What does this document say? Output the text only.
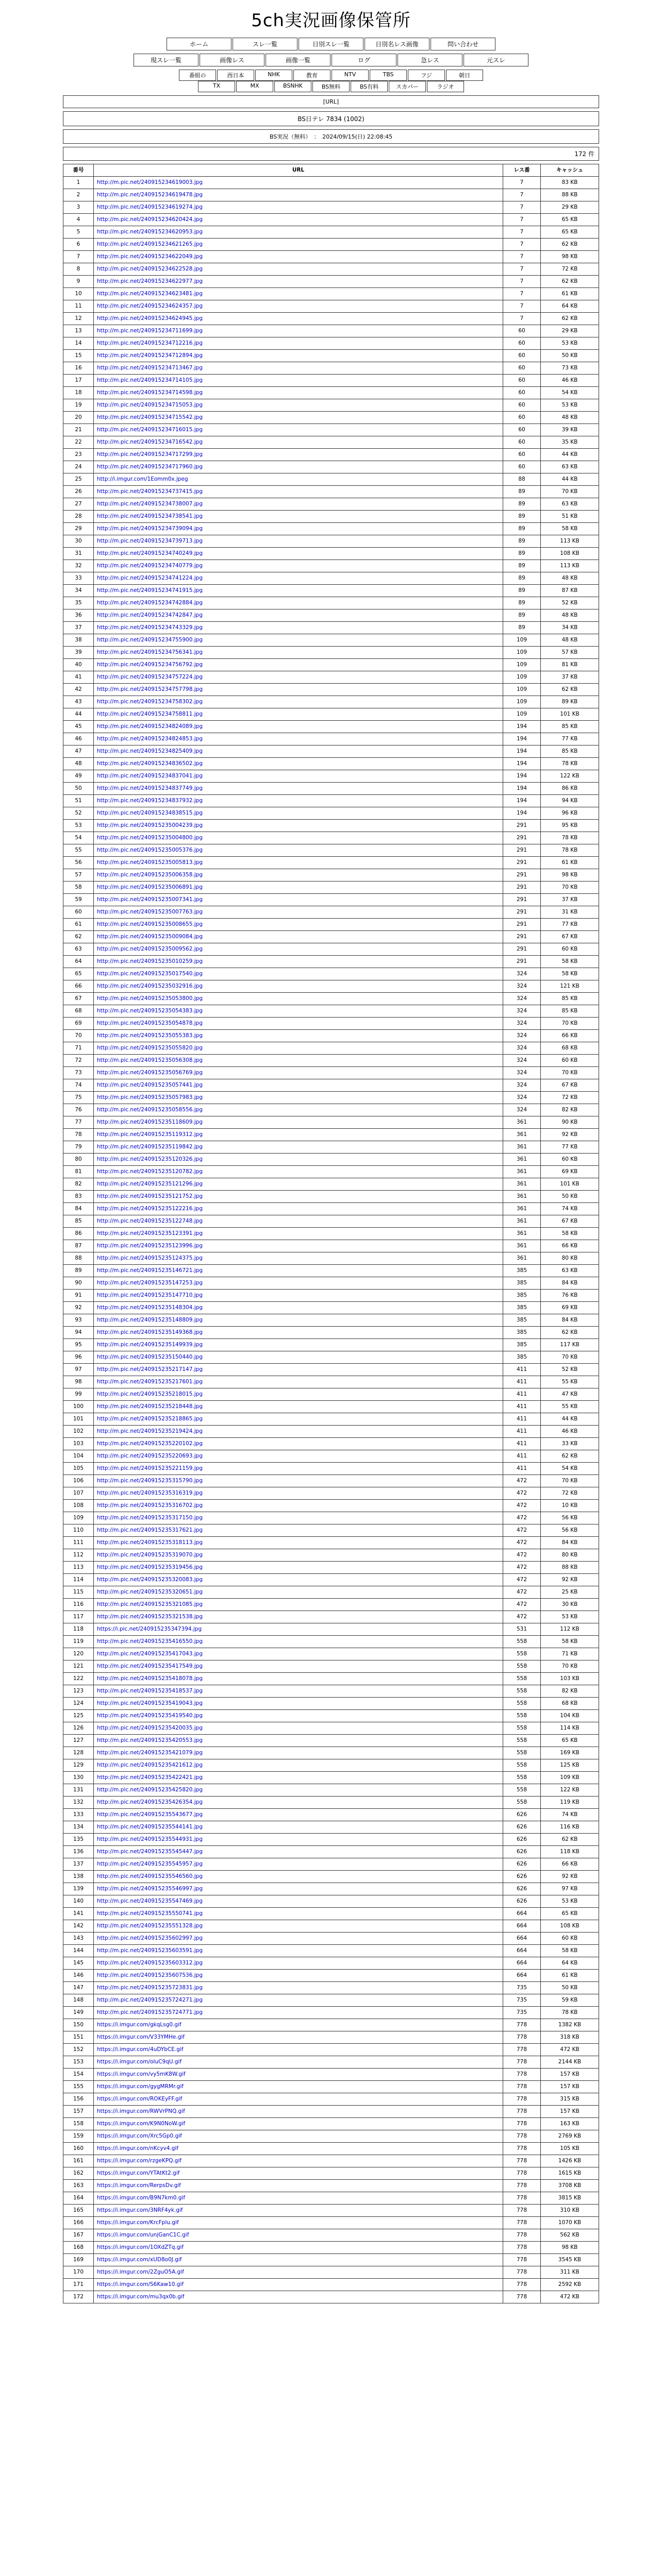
5ch実況画像保管所
ホーム	スレ一覧	日別スレ一覧	日別名レス画像	問い合わせ
現スレ一覧	画像レス	画像一覧	ログ	急レス	元スレ
番組の	西日本	NHK	教育	NTV	TBS	フジ	朝日
TX	MX	BSNHK	BS無料	BS有料	スカパー	ラジオ
[URL]
BS日テレ 7834 (1002)
BS実況（無料）　：　2024/09/15(日) 22:08:45
172 件
番号	URL	レス番	キャッシュ
1	http://m.pic.net/240915234619003.jpg	7	83 KB
2	http://m.pic.net/240915234619478.jpg	7	88 KB
3	http://m.pic.net/240915234619274.jpg	7	29 KB
4	http://m.pic.net/240915234620424.jpg	7	65 KB
5	http://m.pic.net/240915234620953.jpg	7	65 KB
6	http://m.pic.net/240915234621265.jpg	7	62 KB
7	http://m.pic.net/240915234622049.jpg	7	98 KB
8	http://m.pic.net/240915234622528.jpg	7	72 KB
9	http://m.pic.net/240915234622977.jpg	7	62 KB
10	http://m.pic.net/240915234623481.jpg	7	61 KB
11	http://m.pic.net/240915234624357.jpg	7	64 KB
12	http://m.pic.net/240915234624945.jpg	7	62 KB
13	http://m.pic.net/240915234711699.jpg	60	29 KB
14	http://m.pic.net/240915234712216.jpg	60	53 KB
15	http://m.pic.net/240915234712894.jpg	60	50 KB
16	http://m.pic.net/240915234713467.jpg	60	73 KB
17	http://m.pic.net/240915234714105.jpg	60	46 KB
18	http://m.pic.net/240915234714598.jpg	60	54 KB
19	http://m.pic.net/240915234715053.jpg	60	53 KB
20	http://m.pic.net/240915234715542.jpg	60	48 KB
21	http://m.pic.net/240915234716015.jpg	60	39 KB
22	http://m.pic.net/240915234716542.jpg	60	35 KB
23	http://m.pic.net/240915234717299.jpg	60	44 KB
24	http://m.pic.net/240915234717960.jpg	60	63 KB
25	http://i.imgur.com/1Eomm0x.jpeg	88	44 KB
26	http://m.pic.net/240915234737415.jpg	89	70 KB
27	http://m.pic.net/240915234738007.jpg	89	63 KB
28	http://m.pic.net/240915234738541.jpg	89	51 KB
29	http://m.pic.net/240915234739094.jpg	89	58 KB
30	http://m.pic.net/240915234739713.jpg	89	113 KB
31	http://m.pic.net/240915234740249.jpg	89	108 KB
32	http://m.pic.net/240915234740779.jpg	89	113 KB
33	http://m.pic.net/240915234741224.jpg	89	48 KB
34	http://m.pic.net/240915234741915.jpg	89	87 KB
35	http://m.pic.net/240915234742884.jpg	89	52 KB
36	http://m.pic.net/240915234742847.jpg	89	48 KB
37	http://m.pic.net/240915234743329.jpg	89	34 KB
38	http://m.pic.net/240915234755900.jpg	109	48 KB
39	http://m.pic.net/240915234756341.jpg	109	57 KB
40	http://m.pic.net/240915234756792.jpg	109	81 KB
41	http://m.pic.net/240915234757224.jpg	109	37 KB
42	http://m.pic.net/240915234757798.jpg	109	62 KB
43	http://m.pic.net/240915234758302.jpg	109	89 KB
44	http://m.pic.net/240915234758811.jpg	109	101 KB
45	http://m.pic.net/240915234824089.jpg	194	85 KB
46	http://m.pic.net/240915234824853.jpg	194	77 KB
47	http://m.pic.net/240915234825409.jpg	194	85 KB
48	http://m.pic.net/240915234836502.jpg	194	78 KB
49	http://m.pic.net/240915234837041.jpg	194	122 KB
50	http://m.pic.net/240915234837749.jpg	194	86 KB
51	http://m.pic.net/240915234837932.jpg	194	94 KB
52	http://m.pic.net/240915234838515.jpg	194	96 KB
53	http://m.pic.net/240915235004239.jpg	291	95 KB
54	http://m.pic.net/240915235004800.jpg	291	78 KB
55	http://m.pic.net/240915235005376.jpg	291	78 KB
56	http://m.pic.net/240915235005813.jpg	291	61 KB
57	http://m.pic.net/240915235006358.jpg	291	98 KB
58	http://m.pic.net/240915235006891.jpg	291	70 KB
59	http://m.pic.net/240915235007341.jpg	291	37 KB
60	http://m.pic.net/240915235007763.jpg	291	31 KB
61	http://m.pic.net/240915235008655.jpg	291	77 KB
62	http://m.pic.net/240915235009084.jpg	291	67 KB
63	http://m.pic.net/240915235009562.jpg	291	60 KB
64	http://m.pic.net/240915235010259.jpg	291	58 KB
65	http://m.pic.net/240915235017540.jpg	324	58 KB
66	http://m.pic.net/240915235032916.jpg	324	121 KB
67	http://m.pic.net/240915235053800.jpg	324	85 KB
68	http://m.pic.net/240915235054383.jpg	324	85 KB
69	http://m.pic.net/240915235054878.jpg	324	70 KB
70	http://m.pic.net/240915235055383.jpg	324	66 KB
71	http://m.pic.net/240915235055820.jpg	324	68 KB
72	http://m.pic.net/240915235056308.jpg	324	60 KB
73	http://m.pic.net/240915235056769.jpg	324	70 KB
74	http://m.pic.net/240915235057441.jpg	324	67 KB
75	http://m.pic.net/240915235057983.jpg	324	72 KB
76	http://m.pic.net/240915235058556.jpg	324	82 KB
77	http://m.pic.net/240915235118609.jpg	361	90 KB
78	http://m.pic.net/240915235119312.jpg	361	92 KB
79	http://m.pic.net/240915235119842.jpg	361	77 KB
80	http://m.pic.net/240915235120326.jpg	361	60 KB
81	http://m.pic.net/240915235120782.jpg	361	69 KB
82	http://m.pic.net/240915235121296.jpg	361	101 KB
83	http://m.pic.net/240915235121752.jpg	361	50 KB
84	http://m.pic.net/240915235122216.jpg	361	74 KB
85	http://m.pic.net/240915235122748.jpg	361	67 KB
86	http://m.pic.net/240915235123391.jpg	361	58 KB
87	http://m.pic.net/240915235123996.jpg	361	66 KB
88	http://m.pic.net/240915235124375.jpg	361	80 KB
89	http://m.pic.net/240915235146721.jpg	385	63 KB
90	http://m.pic.net/240915235147253.jpg	385	84 KB
91	http://m.pic.net/240915235147710.jpg	385	76 KB
92	http://m.pic.net/240915235148304.jpg	385	69 KB
93	http://m.pic.net/240915235148809.jpg	385	84 KB
94	http://m.pic.net/240915235149368.jpg	385	62 KB
95	http://m.pic.net/240915235149939.jpg	385	117 KB
96	http://m.pic.net/240915235150440.jpg	385	70 KB
97	http://m.pic.net/240915235217147.jpg	411	52 KB
98	http://m.pic.net/240915235217601.jpg	411	55 KB
99	http://m.pic.net/240915235218015.jpg	411	47 KB
100	http://m.pic.net/240915235218448.jpg	411	55 KB
101	http://m.pic.net/240915235218865.jpg	411	44 KB
102	http://m.pic.net/240915235219424.jpg	411	46 KB
103	http://m.pic.net/240915235220102.jpg	411	33 KB
104	http://m.pic.net/240915235220693.jpg	411	62 KB
105	http://m.pic.net/240915235221159.jpg	411	54 KB
106	http://m.pic.net/240915235315790.jpg	472	70 KB
107	http://m.pic.net/240915235316319.jpg	472	72 KB
108	http://m.pic.net/240915235316702.jpg	472	10 KB
109	http://m.pic.net/240915235317150.jpg	472	56 KB
110	http://m.pic.net/240915235317621.jpg	472	56 KB
111	http://m.pic.net/240915235318113.jpg	472	84 KB
112	http://m.pic.net/240915235319070.jpg	472	80 KB
113	http://m.pic.net/240915235319456.jpg	472	88 KB
114	http://m.pic.net/240915235320083.jpg	472	92 KB
115	http://m.pic.net/240915235320651.jpg	472	25 KB
116	http://m.pic.net/240915235321085.jpg	472	30 KB
117	http://m.pic.net/240915235321538.jpg	472	53 KB
118	https://i.pic.net/240915235347394.jpg	531	112 KB
119	http://m.pic.net/240915235416550.jpg	558	58 KB
120	http://m.pic.net/240915235417043.jpg	558	71 KB
121	http://m.pic.net/240915235417549.jpg	558	70 KB
122	http://m.pic.net/240915235418078.jpg	558	103 KB
123	http://m.pic.net/240915235418537.jpg	558	82 KB
124	http://m.pic.net/240915235419043.jpg	558	68 KB
125	http://m.pic.net/240915235419540.jpg	558	104 KB
126	http://m.pic.net/240915235420035.jpg	558	114 KB
127	http://m.pic.net/240915235420553.jpg	558	65 KB
128	http://m.pic.net/240915235421079.jpg	558	169 KB
129	http://m.pic.net/240915235421612.jpg	558	125 KB
130	http://m.pic.net/240915235422421.jpg	558	109 KB
131	http://m.pic.net/240915235425820.jpg	558	122 KB
132	http://m.pic.net/240915235426354.jpg	558	119 KB
133	http://m.pic.net/240915235543677.jpg	626	74 KB
134	http://m.pic.net/240915235544141.jpg	626	116 KB
135	http://m.pic.net/240915235544931.jpg	626	62 KB
136	http://m.pic.net/240915235545447.jpg	626	118 KB
137	http://m.pic.net/240915235545957.jpg	626	66 KB
138	http://m.pic.net/240915235546560.jpg	626	92 KB
139	http://m.pic.net/240915235546997.jpg	626	97 KB
140	http://m.pic.net/240915235547469.jpg	626	53 KB
141	http://m.pic.net/240915235550741.jpg	664	65 KB
142	http://m.pic.net/240915235551328.jpg	664	108 KB
143	http://m.pic.net/240915235602997.jpg	664	60 KB
144	http://m.pic.net/240915235603591.jpg	664	58 KB
145	http://m.pic.net/240915235603312.jpg	664	64 KB
146	http://m.pic.net/240915235607536.jpg	664	61 KB
147	http://m.pic.net/240915235723831.jpg	735	50 KB
148	http://m.pic.net/240915235724271.jpg	735	59 KB
149	http://m.pic.net/240915235724771.jpg	735	78 KB
150	https://i.imgur.com/gkqLsg0.gif	778	1382 KB
151	https://i.imgur.com/V33YMHe.gif	778	318 KB
152	https://i.imgur.com/4uDYbCE.gif	778	472 KB
153	https://i.imgur.com/oIuC9qU.gif	778	2144 KB
154	https://i.imgur.com/vy5mK8W.gif	778	157 KB
155	https://i.imgur.com/gygMRMr.gif	778	157 KB
156	https://i.imgur.com/ROKEyFF.gif	778	315 KB
157	https://i.imgur.com/RWVrPNQ.gif	778	157 KB
158	https://i.imgur.com/K9N0NoW.gif	778	163 KB
159	https://i.imgur.com/Xrc5Gp0.gif	778	2769 KB
160	https://i.imgur.com/nKcyv4.gif	778	105 KB
161	https://i.imgur.com/rzgeKPQ.gif	778	1426 KB
162	https://i.imgur.com/YTAtKt2.gif	778	1615 KB
163	https://i.imgur.com/RerpsDv.gif	778	3708 KB
164	https://i.imgur.com/B9N7km0.gif	778	3815 KB
165	https://i.imgur.com/3NRF4yk.gif	778	310 KB
166	https://i.imgur.com/KrcFplu.gif	778	1070 KB
167	https://i.imgur.com/unjGanC1C.gif	778	562 KB
168	https://i.imgur.com/1OXdZTq.gif	778	98 KB
169	https://i.imgur.com/xUD8o0J.gif	778	3545 KB
170	https://i.imgur.com/2ZguO5A.gif	778	311 KB
171	https://i.imgur.com/S6Kaw10.gif	778	2592 KB
172	https://i.imgur.com/mu3qx0b.gif	778	472 KB
